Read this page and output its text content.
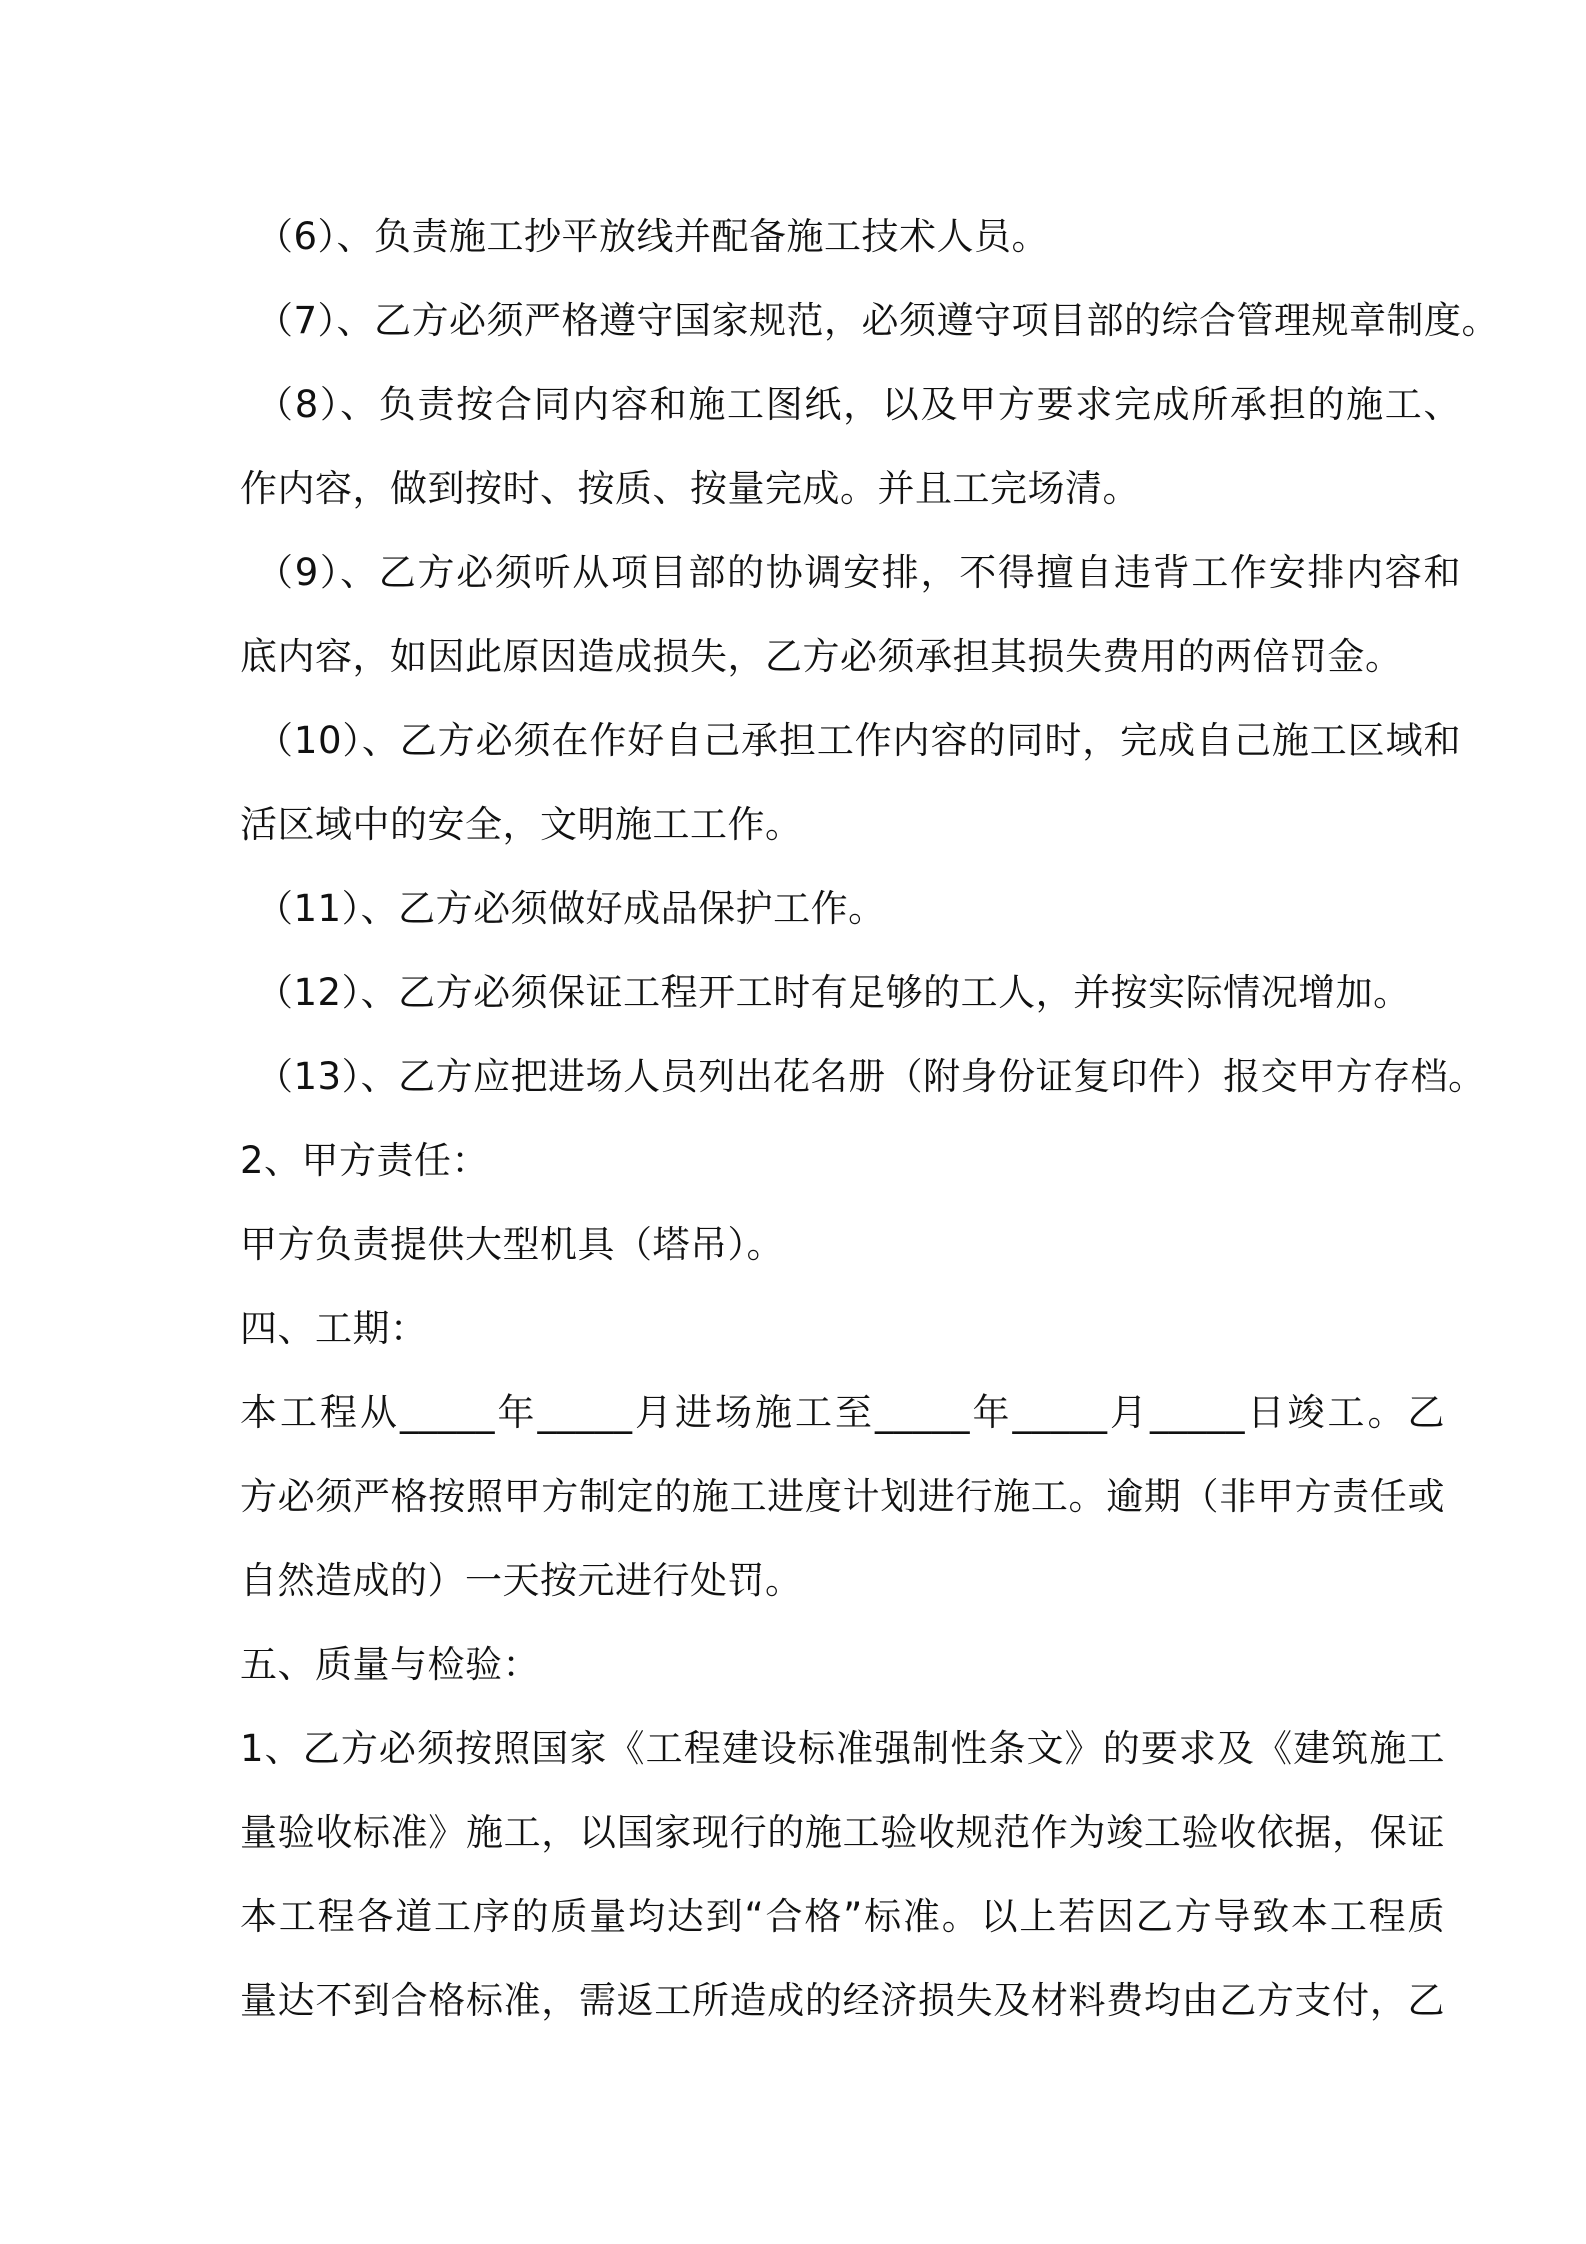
（6）、负责施工抄平放线并配备施工技术人员。
（7）、乙方必须严格遵守国家规范，必须遵守项目部的综合管理规章制度。
（8）、负责按合同内容和施工图纸，以及甲方要求完成所承担的施工、
作内容，做到按时、按质、按量完成。并且工完场清。
（9）、乙方必须听从项目部的协调安排，不得擅自违背工作安排内容和
底内容，如因此原因造成损失，乙方必须承担其损失费用的两倍罚金。
（10）、乙方必须在作好自己承担工作内容的同时，完成自己施工区域和
活区域中的安全，文明施工工作。
（11）、乙方必须做好成品保护工作。
（12）、乙方必须保证工程开工时有足够的工人，并按实际情况增加。
（13）、乙方应把进场人员列出花名册（附身份证复印件）报交甲方存档。
2、甲方责任：
甲方负责提供大型机具（塔吊）。
四、工期：
本工程从_____年_____月进场施工至_____年_____月_____日竣工。乙
方必须严格按照甲方制定的施工进度计划进行施工。逾期（非甲方责任或
自然造成的）一天按元进行处罚。
五、质量与检验：
1、乙方必须按照国家《工程建设标准强制性条文》的要求及《建筑施工
量验收标准》施工，以国家现行的施工验收规范作为竣工验收依据，保证
本工程各道工序的质量均达到“合格”标准。以上若因乙方导致本工程质
量达不到合格标准，需返工所造成的经济损失及材料费均由乙方支付，乙
